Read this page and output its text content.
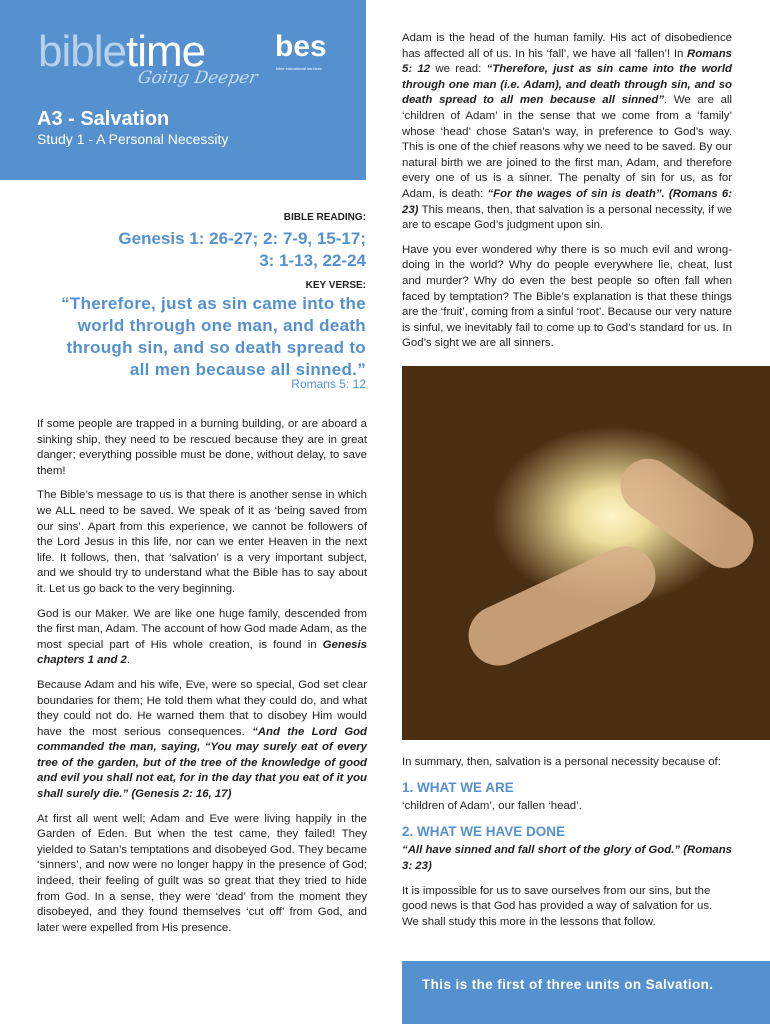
bibletime
Going Deeper
bes
bible educational services
A3 - Salvation
Study 1 - A Personal Necessity
BIBLE READING:
Genesis 1: 26-27; 2: 7-9, 15-17;
3: 1-13, 22-24
KEY VERSE:
“Therefore, just as sin came into the
world through one man, and death
through sin, and so death spread to
all men because all sinned.”
Romans 5: 12

If some people are trapped in a burning building, or are aboard a sinking ship, they need to be rescued because they are in great danger; everything possible must be done, without delay, to save them!

The Bible’s message to us is that there is another sense in which we ALL need to be saved. We speak of it as ‘being saved from our sins’. Apart from this experience, we cannot be followers of the Lord Jesus in this life, nor can we enter Heaven in the next life. It follows, then, that ‘salvation’ is a very important subject, and we should try to understand what the Bible has to say about it. Let us go back to the very beginning.

God is our Maker. We are like one huge family, descended from the first man, Adam. The account of how God made Adam, as the most special part of His whole creation, is found in Genesis chapters 1 and 2.

Because Adam and his wife, Eve, were so special, God set clear boundaries for them; He told them what they could do, and what they could not do. He warned them that to disobey Him would have the most serious consequences. “And the Lord God commanded the man, saying, “You may surely eat of every tree of the garden, but of the tree of the knowledge of good and evil you shall not eat, for in the day that you eat of it you shall surely die.” (Genesis 2: 16, 17)

At first all went well; Adam and Eve were living happily in the Garden of Eden. But when the test came, they failed! They yielded to Satan’s temptations and disobeyed God. They became ‘sinners’, and now were no longer happy in the presence of God; indeed, their feeling of guilt was so great that they tried to hide from God. In a sense, they were ‘dead’ from the moment they disobeyed, and they found themselves ‘cut off’ from God, and later were expelled from His presence.

Adam is the head of the human family. His act of disobedience has affected all of us. In his ‘fall’, we have all ‘fallen’! In Romans 5: 12 we read: “Therefore, just as sin came into the world through one man (i.e. Adam), and death through sin, and so death spread to all men because all sinned”. We are all ‘children of Adam’ in the sense that we come from a ‘family’ whose ‘head’ chose Satan’s way, in preference to God’s way. This is one of the chief reasons why we need to be saved. By our natural birth we are joined to the first man, Adam, and therefore every one of us is a sinner. The penalty of sin for us, as for Adam, is death: “For the wages of sin is death”. (Romans 6: 23) This means, then, that salvation is a personal necessity, if we are to escape God’s judgment upon sin.

Have you ever wondered why there is so much evil and wrong-doing in the world? Why do people everywhere lie, cheat, lust and murder? Why do even the best people so often fall when faced by temptation? The Bible’s explanation is that these things are the ‘fruit’, coming from a sinful ‘root’. Because our very nature is sinful, we inevitably fail to come up to God’s standard for us. In God’s sight we are all sinners.

In summary, then, salvation is a personal necessity because of:

1. WHAT WE ARE

‘children of Adam’, our fallen ‘head’.

2. WHAT WE HAVE DONE

“All have sinned and fall short of the glory of God.” (Romans 3: 23)

It is impossible for us to save ourselves from our sins, but the good news is that God has provided a way of salvation for us. We shall study this more in the lessons that follow.

This is the first of three units on Salvation.
